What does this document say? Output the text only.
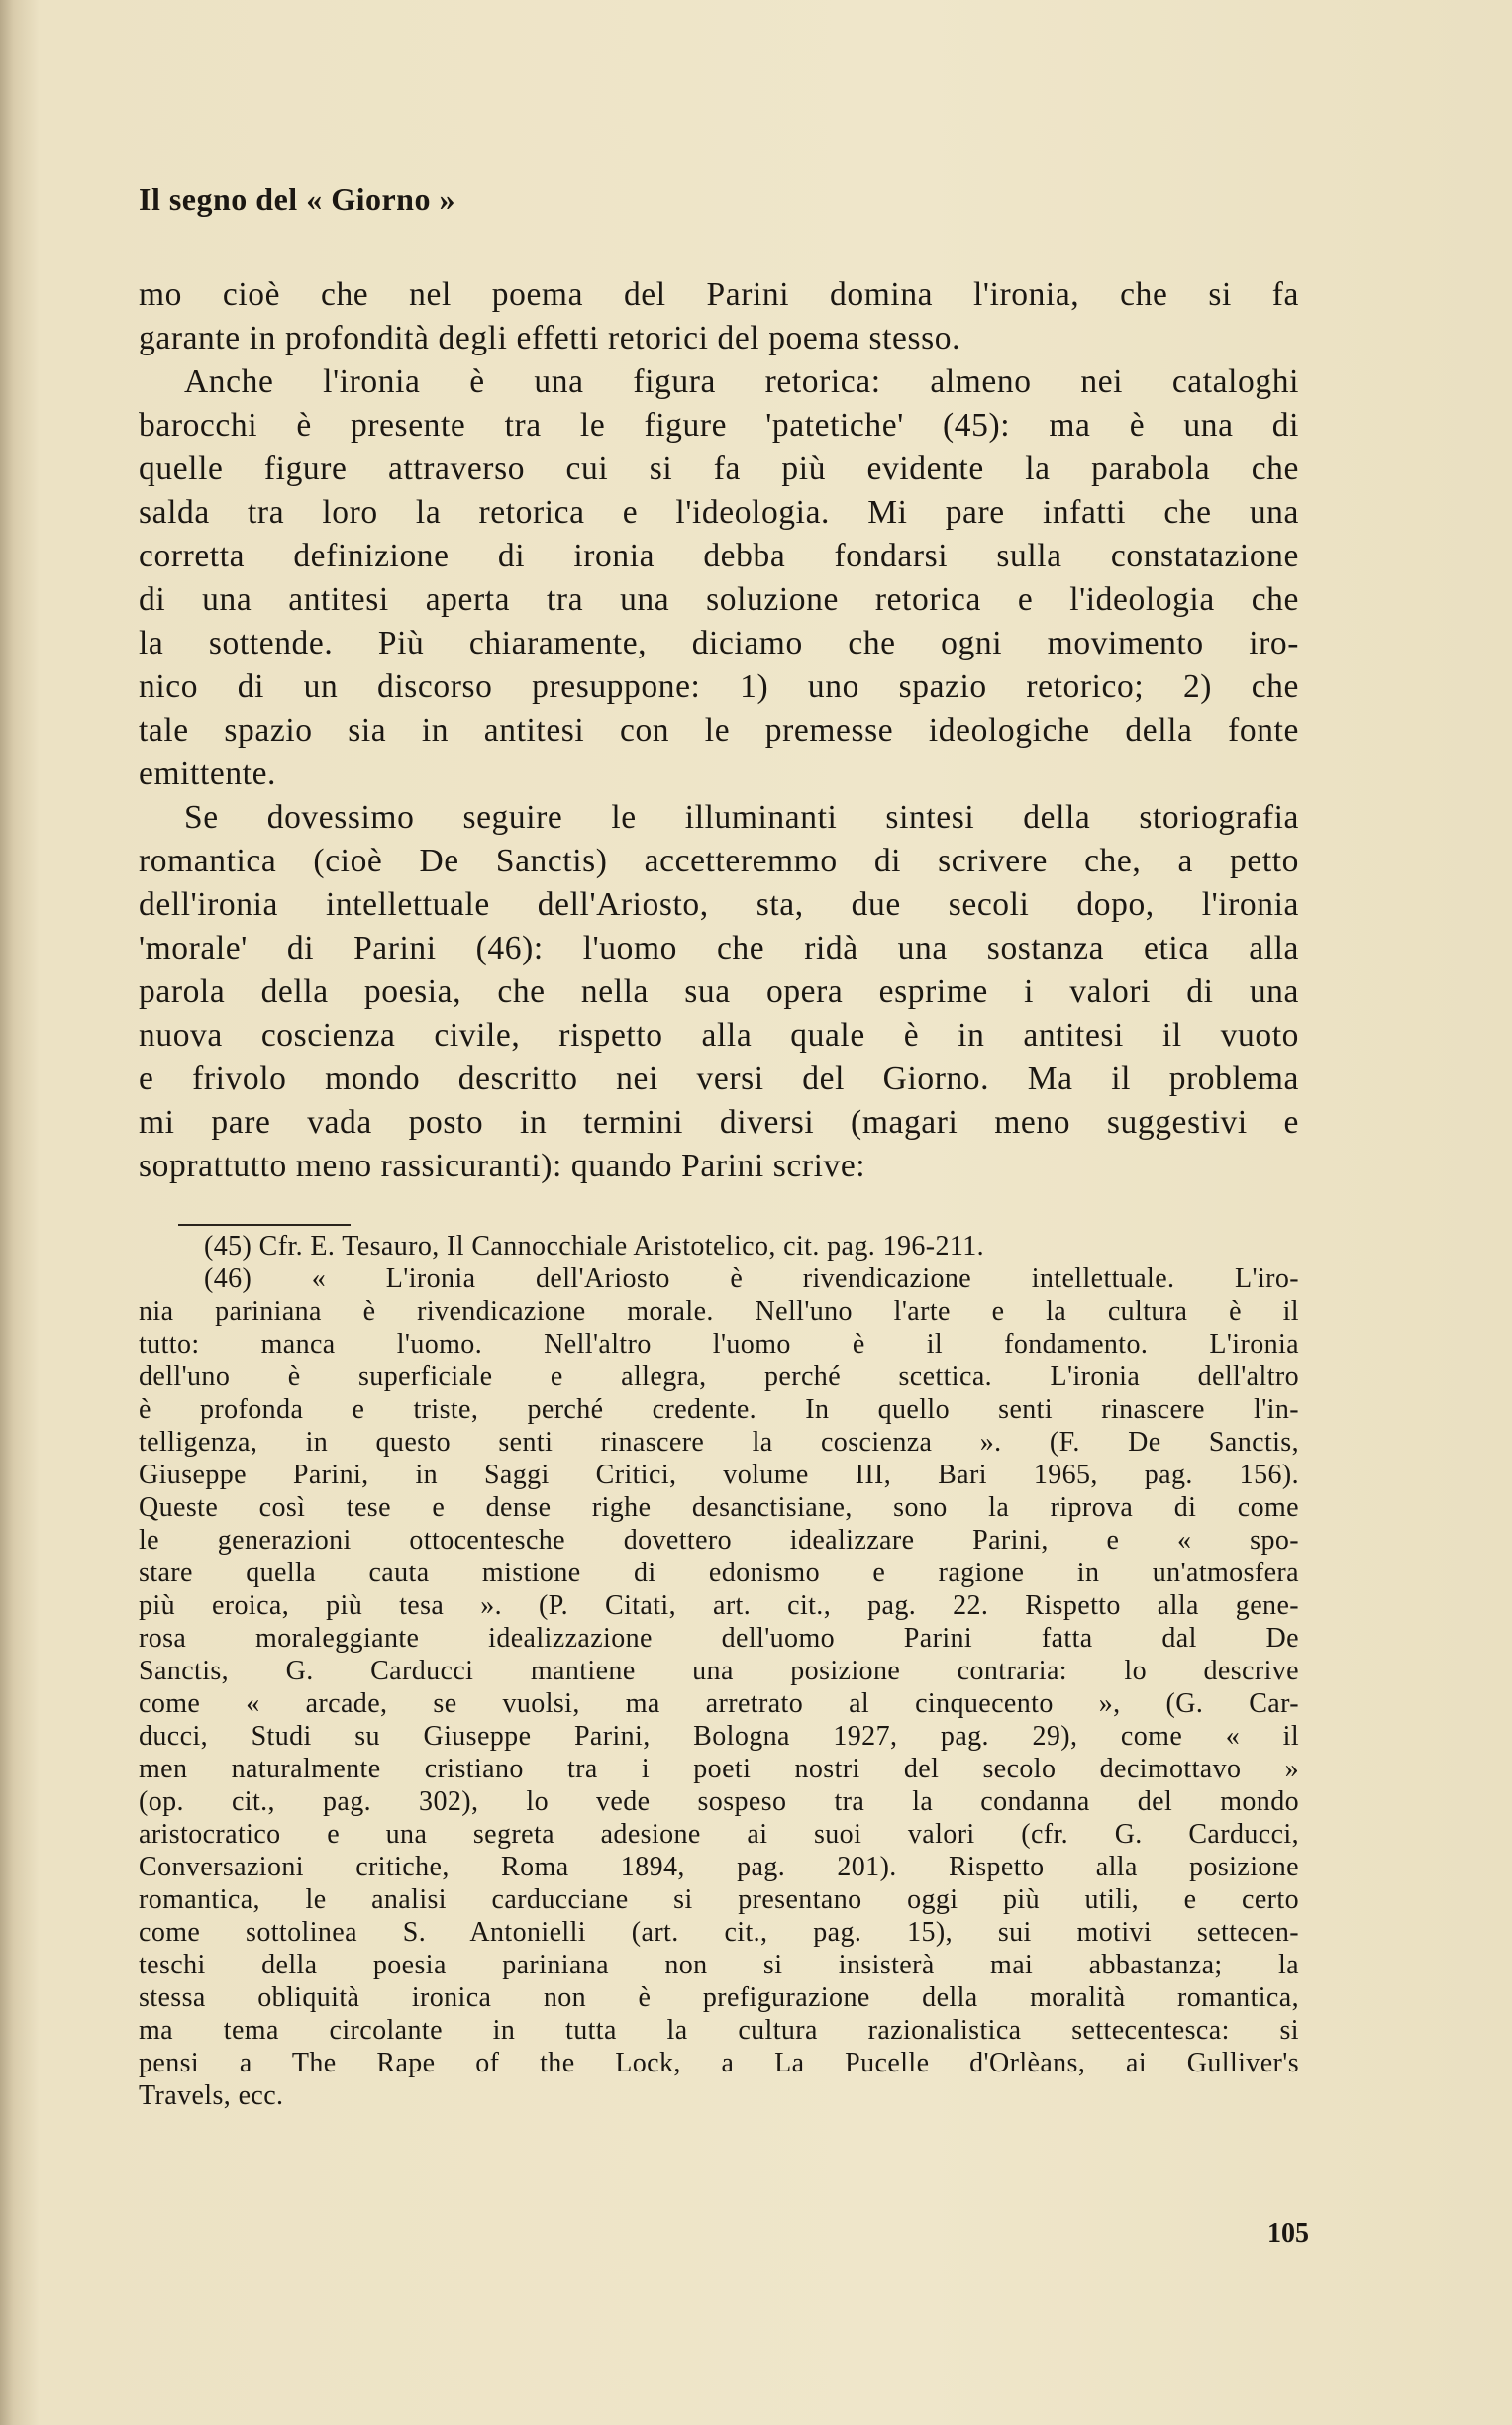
Il segno del « Giorno »
mo cioè che nel poema del Parini domina l'ironia, che si fa
garante in profondità degli effetti retorici del poema stesso.
Anche l'ironia è una figura retorica: almeno nei cataloghi
barocchi è presente tra le figure 'patetiche' (45): ma è una di
quelle figure attraverso cui si fa più evidente la parabola che
salda tra loro la retorica e l'ideologia. Mi pare infatti che una
corretta definizione di ironia debba fondarsi sulla constatazione
di una antitesi aperta tra una soluzione retorica e l'ideologia che
la sottende. Più chiaramente, diciamo che ogni movimento iro-
nico di un discorso presuppone: 1) uno spazio retorico; 2) che
tale spazio sia in antitesi con le premesse ideologiche della fonte
emittente.
Se dovessimo seguire le illuminanti sintesi della storiografia
romantica (cioè De Sanctis) accetteremmo di scrivere che, a petto
dell'ironia intellettuale dell'Ariosto, sta, due secoli dopo, l'ironia
'morale' di Parini (46): l'uomo che ridà una sostanza etica alla
parola della poesia, che nella sua opera esprime i valori di una
nuova coscienza civile, rispetto alla quale è in antitesi il vuoto
e frivolo mondo descritto nei versi del Giorno. Ma il problema
mi pare vada posto in termini diversi (magari meno suggestivi e
soprattutto meno rassicuranti): quando Parini scrive:
(45) Cfr. E. Tesauro, Il Cannocchiale Aristotelico, cit. pag. 196-211.
(46) « L'ironia dell'Ariosto è rivendicazione intellettuale. L'iro-
nia pariniana è rivendicazione morale. Nell'uno l'arte e la cultura è il
tutto: manca l'uomo. Nell'altro l'uomo è il fondamento. L'ironia
dell'uno è superficiale e allegra, perché scettica. L'ironia dell'altro
è profonda e triste, perché credente. In quello senti rinascere l'in-
telligenza, in questo senti rinascere la coscienza ». (F. De Sanctis,
Giuseppe Parini, in Saggi Critici, volume III, Bari 1965, pag. 156).
Queste così tese e dense righe desanctisiane, sono la riprova di come
le generazioni ottocentesche dovettero idealizzare Parini, e « spo-
stare quella cauta mistione di edonismo e ragione in un'atmosfera
più eroica, più tesa ». (P. Citati, art. cit., pag. 22. Rispetto alla gene-
rosa moraleggiante idealizzazione dell'uomo Parini fatta dal De
Sanctis, G. Carducci mantiene una posizione contraria: lo descrive
come « arcade, se vuolsi, ma arretrato al cinquecento », (G. Car-
ducci, Studi su Giuseppe Parini, Bologna 1927, pag. 29), come « il
men naturalmente cristiano tra i poeti nostri del secolo decimottavo »
(op. cit., pag. 302), lo vede sospeso tra la condanna del mondo
aristocratico e una segreta adesione ai suoi valori (cfr. G. Carducci,
Conversazioni critiche, Roma 1894, pag. 201). Rispetto alla posizione
romantica, le analisi carducciane si presentano oggi più utili, e certo
come sottolinea S. Antonielli (art. cit., pag. 15), sui motivi settecen-
teschi della poesia pariniana non si insisterà mai abbastanza; la
stessa obliquità ironica non è prefigurazione della moralità romantica,
ma tema circolante in tutta la cultura razionalistica settecentesca: si
pensi a The Rape of the Lock, a La Pucelle d'Orlèans, ai Gulliver's
Travels, ecc.
105
